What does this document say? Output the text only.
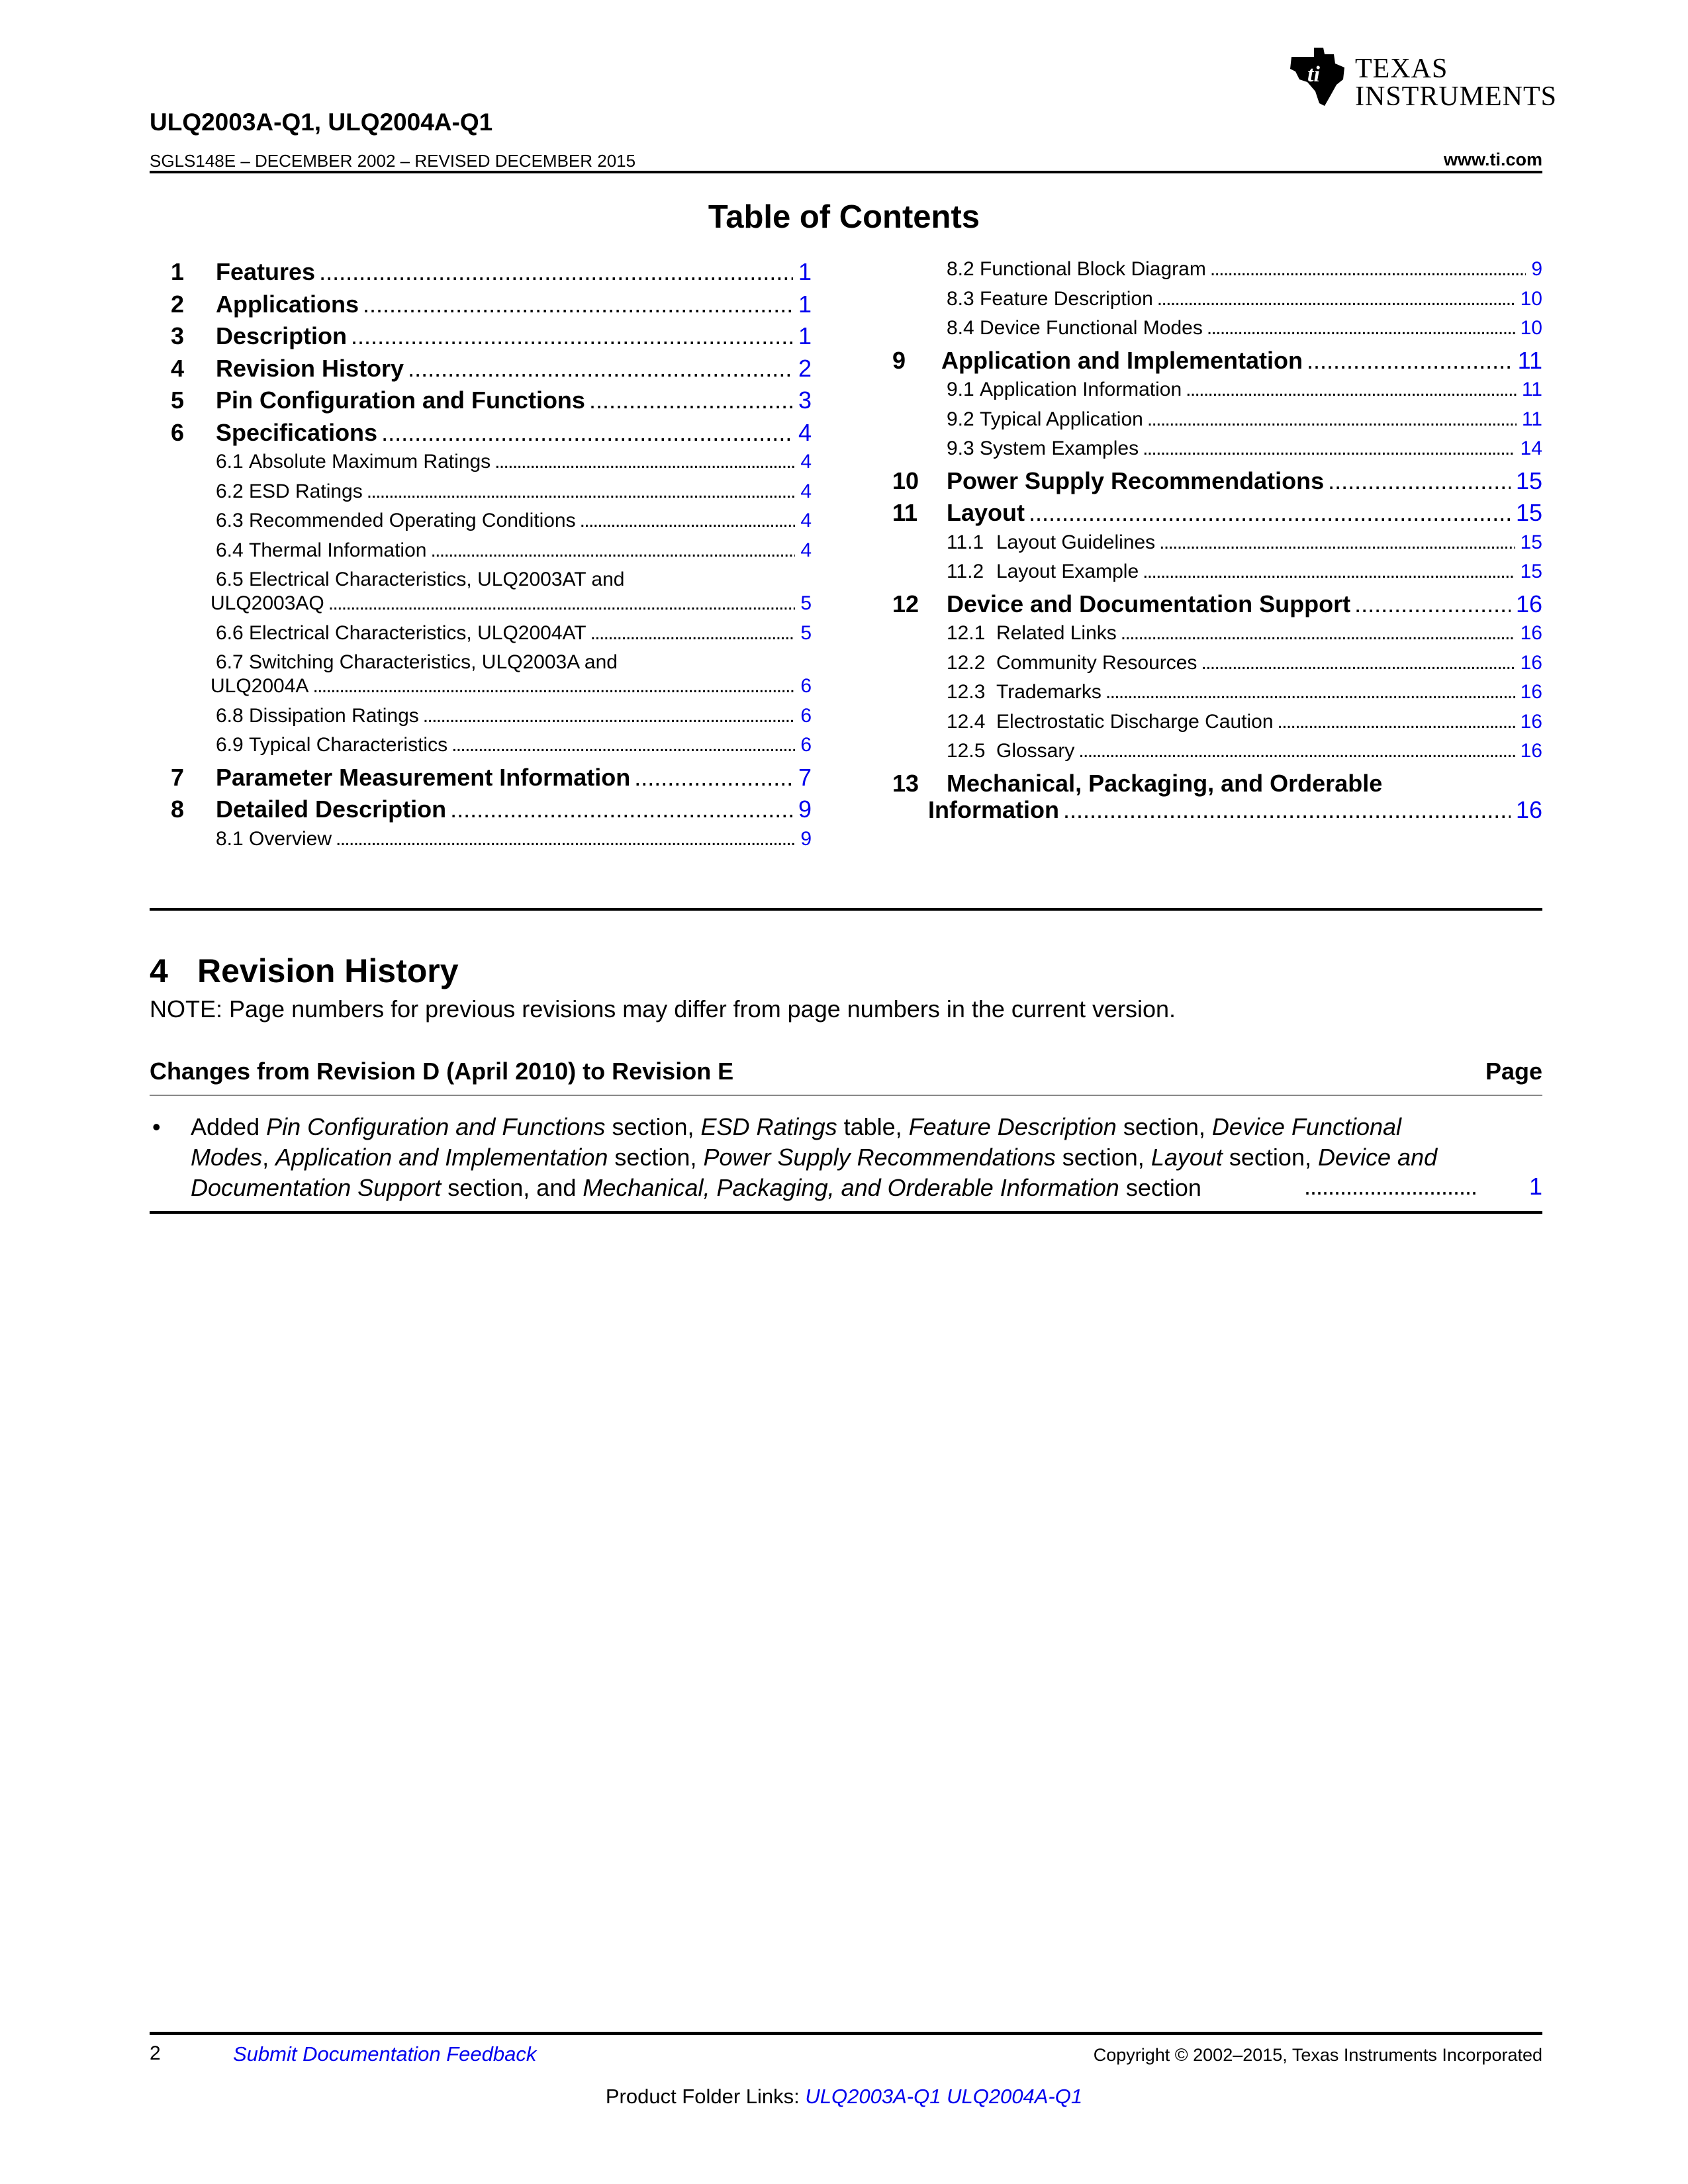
ti TEXAS
INSTRUMENTS
ULQ2003A-Q1, ULQ2004A-Q1
SGLS148E – DECEMBER 2002 – REVISED DECEMBER 2015	www.ti.com
Table of Contents
1 Features . . .	1
2 Applications . . .	1
3 Description . . .	1
4 Revision History . . .	2
5 Pin Configuration and Functions . . .	3
6 Specifications . . .	4
6.1 Absolute Maximum Ratings . . .	4
6.2 ESD Ratings . . .	4
6.3 Recommended Operating Conditions . . .	4
6.4 Thermal Information . . .	4
6.5 Electrical Characteristics, ULQ2003AT and
ULQ2003AQ . . .	5
6.6 Electrical Characteristics, ULQ2004AT . . .	5
6.7 Switching Characteristics, ULQ2003A and
ULQ2004A . . .	6
6.8 Dissipation Ratings . . .	6
6.9 Typical Characteristics . . .	6
7 Parameter Measurement Information . . .	7
8 Detailed Description . . .	9
8.1 Overview . . .	9
8.2 Functional Block Diagram . . .	9
8.3 Feature Description . . .	10
8.4 Device Functional Modes . . .	10
9 Application and Implementation . . .	11
9.1 Application Information . . .	11
9.2 Typical Application . . .	11
9.3 System Examples . . .	14
10 Power Supply Recommendations . . .	15
11 Layout . . .	15
11.1 Layout Guidelines . . .	15
11.2 Layout Example . . .	15
12 Device and Documentation Support . . .	16
12.1 Related Links . . .	16
12.2 Community Resources . . .	16
12.3 Trademarks . . .	16
12.4 Electrostatic Discharge Caution . . .	16
12.5 Glossary . . .	16
13 Mechanical, Packaging, and Orderable
Information . . .	16
4 Revision History
NOTE: Page numbers for previous revisions may differ from page numbers in the current version.
Changes from Revision D (April 2010) to Revision E	Page
• Added Pin Configuration and Functions section, ESD Ratings table, Feature Description section, Device Functional Modes, Application and Implementation section, Power Supply Recommendations section, Layout section, Device and Documentation Support section, and Mechanical, Packaging, and Orderable Information section	............................. 1
2	Submit Documentation Feedback	Copyright © 2002–2015, Texas Instruments Incorporated
Product Folder Links: ULQ2003A-Q1 ULQ2004A-Q1
